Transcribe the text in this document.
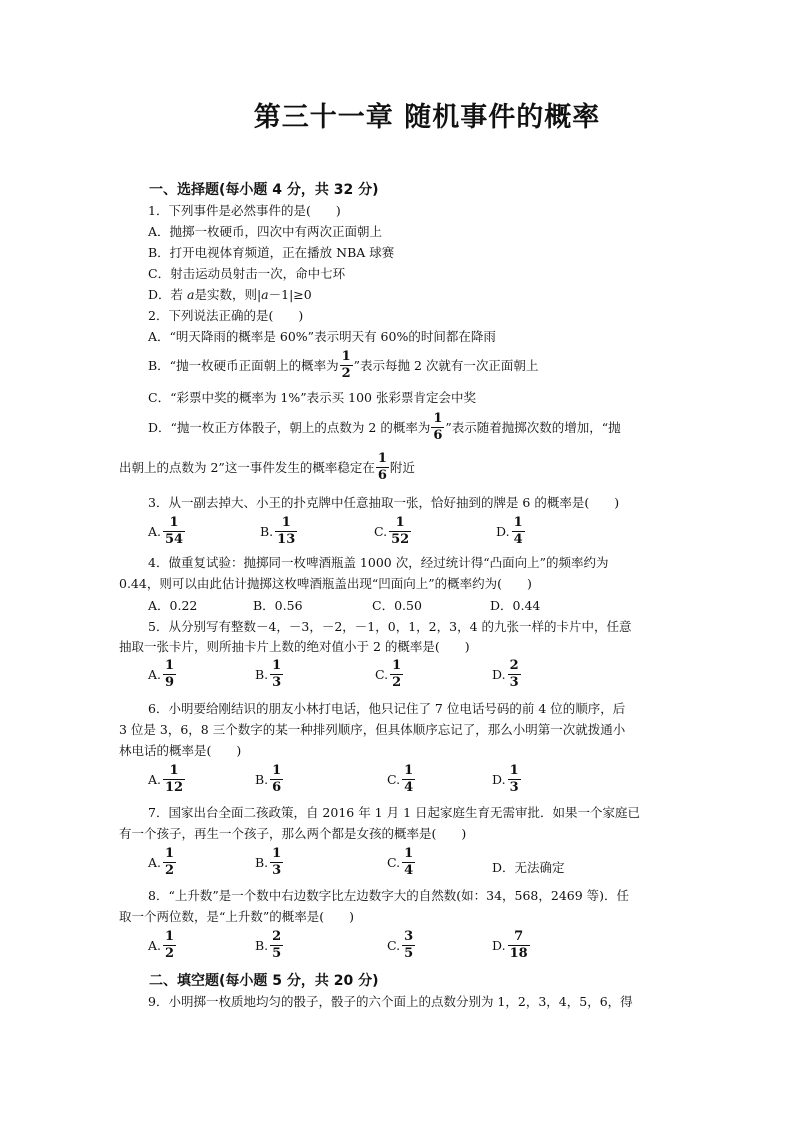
第三十一章 随机事件的概率
一、选择题(每小题 4 分，共 32 分)
1．下列事件是必然事件的是(　　)
A．抛掷一枚硬币，四次中有两次正面朝上
B．打开电视体育频道，正在播放 NBA 球赛
C．射击运动员射击一次，命中七环
D．若 a是实数，则|a－1|≥0
2．下列说法正确的是(　　)
A．“明天降雨的概率是 60%”表示明天有 60%的时间都在降雨
B．“抛一枚硬币正面朝上的概率为 $\frac{1}{2}$ ”表示每抛 2 次就有一次正面朝上
C．“彩票中奖的概率为 1%”表示买 100 张彩票肯定会中奖
D．“抛一枚正方体骰子，朝上的点数为 2 的概率为 $\frac{1}{6}$ ”表示随着抛掷次数的增加，“抛
出朝上的点数为 2”这一事件发生的概率稳定在 $\frac{1}{6}$ 附近
3．从一副去掉大、小王的扑克牌中任意抽取一张，恰好抽到的牌是 6 的概率是(　　)
A. $\frac{1}{54}$	B. $\frac{1}{13}$	C. $\frac{1}{52}$	D. $\frac{1}{4}$
4．做重复试验：抛掷同一枚啤酒瓶盖 1000 次，经过统计得“凸面向上”的频率约为
0.44，则可以由此估计抛掷这枚啤酒瓶盖出现“凹面向上”的概率约为(　　)
A．0.22	B．0.56	C．0.50	D．0.44
5．从分别写有整数－4，－3，－2，－1，0，1，2，3，4 的九张一样的卡片中，任意
抽取一张卡片，则所抽卡片上数的绝对值小于 2 的概率是(　　)
A. $\frac{1}{9}$	B. $\frac{1}{3}$	C. $\frac{1}{2}$	D. $\frac{2}{3}$
6．小明要给刚结识的朋友小林打电话，他只记住了 7 位电话号码的前 4 位的顺序，后
3 位是 3，6，8 三个数字的某一种排列顺序，但具体顺序忘记了，那么小明第一次就拨通小
林电话的概率是(　　)
A. $\frac{1}{12}$	B. $\frac{1}{6}$	C. $\frac{1}{4}$	D. $\frac{1}{3}$
7．国家出台全面二孩政策，自 2016 年 1 月 1 日起家庭生育无需审批．如果一个家庭已
有一个孩子，再生一个孩子，那么两个都是女孩的概率是(　　)
A. $\frac{1}{2}$	B. $\frac{1}{3}$	C. $\frac{1}{4}$	D．无法确定
8．“上升数”是一个数中右边数字比左边数字大的自然数(如：34，568，2469 等)．任
取一个两位数，是“上升数”的概率是(　　)
A. $\frac{1}{2}$	B. $\frac{2}{5}$	C. $\frac{3}{5}$	D. $\frac{7}{18}$
二、填空题(每小题 5 分，共 20 分)
9．小明掷一枚质地均匀的骰子，骰子的六个面上的点数分别为 1，2，3，4，5，6，得
